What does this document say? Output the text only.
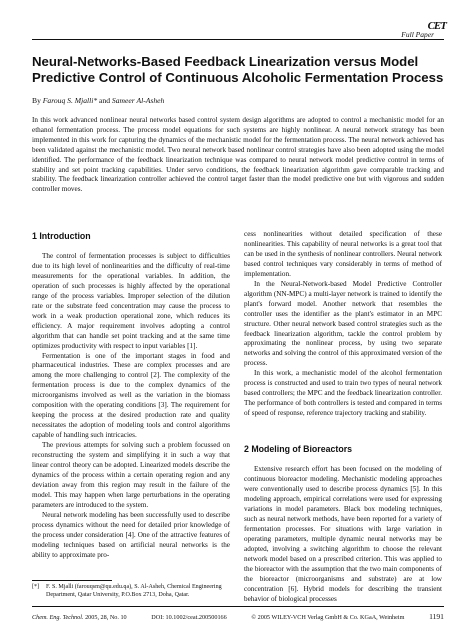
CET
Full Paper
Neural-Networks-Based Feedback Linearization versus Model Predictive Control of Continuous Alcoholic Fermentation Process
By Farouq S. Mjalli* and Sameer Al-Asheh
In this work advanced nonlinear neural networks based control system design algorithms are adopted to control a mechanistic model for an ethanol fermentation process. The process model equations for such systems are highly nonlinear. A neural network strategy has been implemented in this work for capturing the dynamics of the mechanistic model for the fermentation process. The neural network achieved has been validated against the mechanistic model. Two neural network based nonlinear control strategies have also been adopted using the model identified. The performance of the feedback linearization technique was compared to neural network model predictive control in terms of stability and set point tracking capabilities. Under servo conditions, the feedback linearization algorithm gave comparable tracking and stability. The feedback linearization controller achieved the control target faster than the model predictive one but with vigorous and sudden controller moves.
1 Introduction

The control of fermentation processes is subject to difficulties due to its high level of nonlinearities and the difficulty of real-time measurements for the operational variables. In addition, the operation of such processes is highly affected by the operational range of the process variables. Improper selection of the dilution rate or the substrate feed concentration may cause the process to work in a weak production operational zone, which reduces its efficiency. A major requirement involves adopting a control algorithm that can handle set point tracking and at the same time optimizes productivity with respect to input variables [1].

Fermentation is one of the important stages in food and pharmaceutical industries. These are complex processes and are among the more challenging to control [2]. The complexity of the fermentation process is due to the complex dynamics of the microorganisms involved as well as the variation in the biomass composition with the operating conditions [3]. The requirement for keeping the process at the desired production rate and quality necessitates the adoption of modeling tools and control algorithms capable of handling such intricacies.

The previous attempts for solving such a problem focussed on reconstructing the system and simplifying it in such a way that linear control theory can be adopted. Linearized models describe the dynamics of the process within a certain operating region and any deviation away from this region may result in the failure of the model. This may happen when large perturbations in the operating parameters are introduced to the system.

Neural network modeling has been successfully used to describe process dynamics without the need for detailed prior knowledge of the process under consideration [4]. One of the attractive features of modeling techniques based on artificial neural networks is the ability to approximate pro-

cess nonlinearities without detailed specification of these nonlinearities. This capability of neural networks is a great tool that can be used in the synthesis of nonlinear controllers. Neural network based control techniques vary considerably in terms of method of implementation.

In the Neural-Network-based Model Predictive Controller algorithm (NN-MPC) a multi-layer network is trained to identify the plant's forward model. Another network that resembles the controller uses the identifier as the plant's estimator in an MPC structure. Other neural network based control strategies such as the feedback linearization algorithm, tackle the control problem by approximating the nonlinear process, by using two separate networks and solving the control of this approximated version of the process.

In this work, a mechanistic model of the alcohol fermentation process is constructed and used to train two types of neural network based controllers; the MPC and the feedback linearization controller. The performance of both controllers is tested and compared in terms of speed of response, reference trajectory tracking and stability.

2 Modeling of Bioreactors

Extensive research effort has been focused on the modeling of continuous bioreactor modeling. Mechanistic modeling approaches were conventionally used to describe process dynamics [5]. In this modeling approach, empirical correlations were used for expressing variations in model parameters. Black box modeling techniques, such as neural network methods, have been reported for a variety of fermentation processes. For situations with large variation in operating parameters, multiple dynamic neural networks may be adopted, involving a switching algorithm to choose the relevant network model based on a prescribed criterion. This was applied to the bioreactor with the assumption that the two main components of the bioreactor (microorganisms and substrate) are at low concentration [6]. Hybrid models for describing the transient behavior of biological processes

[*] F. S. Mjalli (farouqsm@qu.edu.qa), S. Al-Asheh, Chemical Engineering Department, Qatar University, P.O.Box 2713, Doha, Qatar.
Chem. Eng. Technol. 2005, 28, No. 10	DOI: 10.1002/ceat.200500166	© 2005 WILEY-VCH Verlag GmbH & Co. KGaA, Weinheim	1191
